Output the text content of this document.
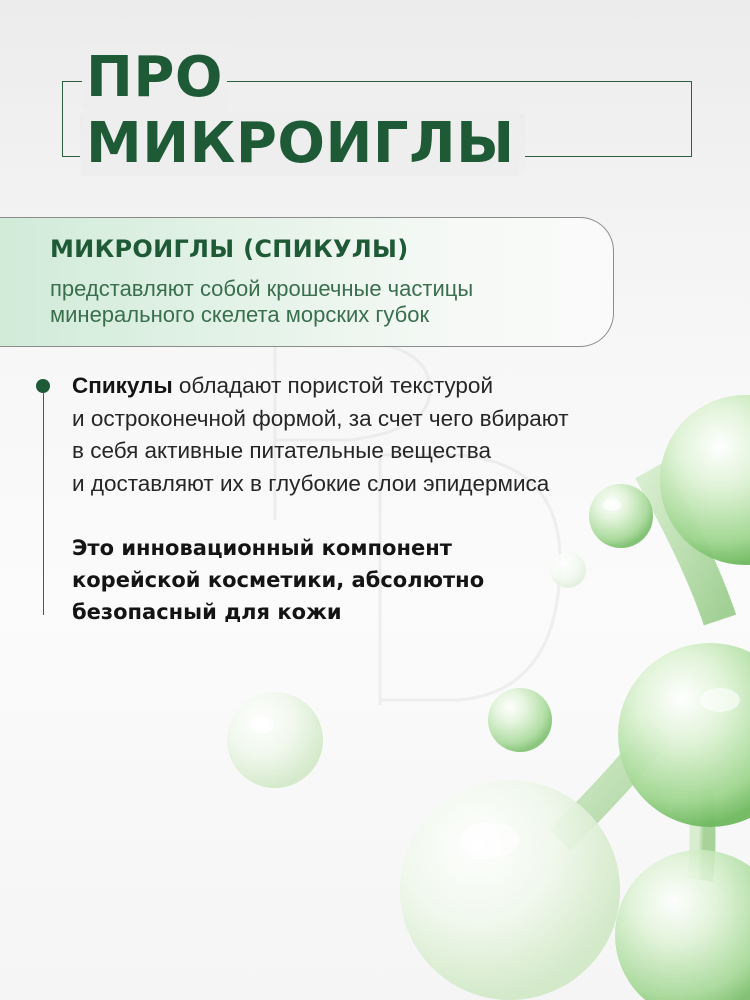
ПРО
МИКРОИГЛЫ
МИКРОИГЛЫ (СПИКУЛЫ)
представляют собой крошечные частицы
минерального скелета морских губок
Спикулы обладают пористой текстурой
и остроконечной формой, за счет чего вбирают
в себя активные питательные вещества
и доставляют их в глубокие слои эпидермиса
Это инновационный компонент
корейской косметики, абсолютно
безопасный для кожи
